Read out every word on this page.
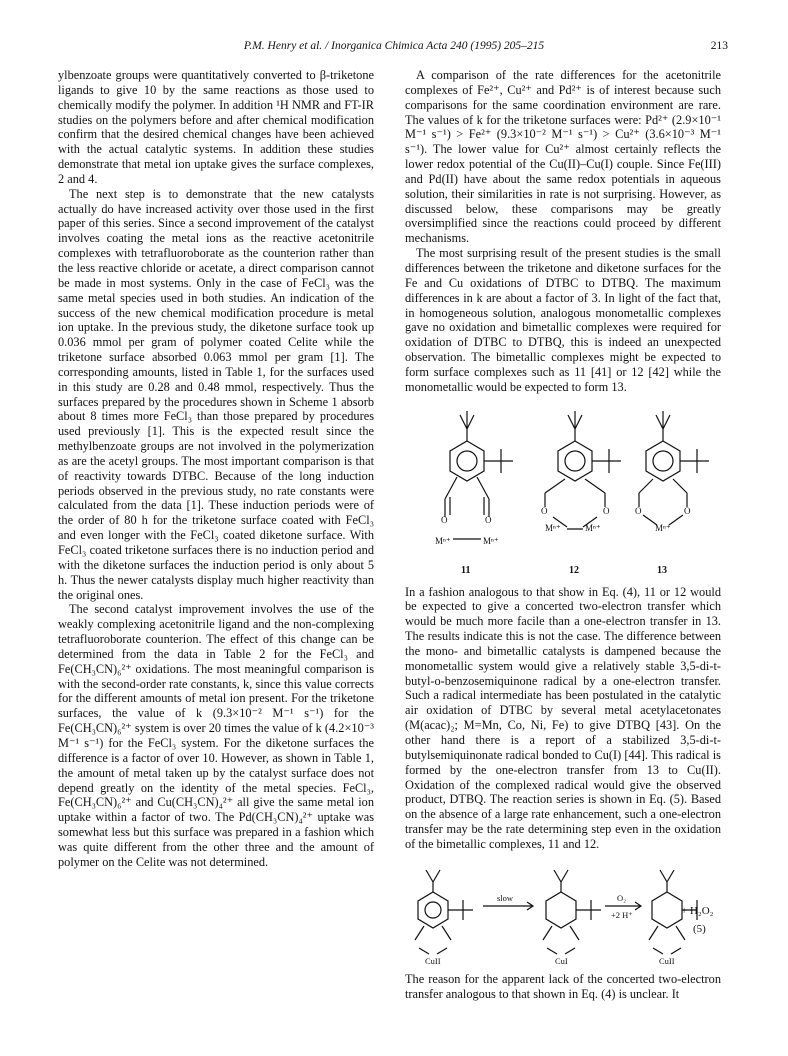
P.M. Henry et al. / Inorganica Chimica Acta 240 (1995) 205–215	213

ylbenzoate groups were quantitatively converted to β-triketone ligands to give 10 by the same reactions as those used to chemically modify the polymer. In addition ¹H NMR and FT-IR studies on the polymers before and after chemical modification confirm that the desired chemical changes have been achieved with the actual catalytic systems. In addition these studies demonstrate that metal ion uptake gives the surface complexes, 2 and 4.

The next step is to demonstrate that the new catalysts actually do have increased activity over those used in the first paper of this series. Since a second improvement of the catalyst involves coating the metal ions as the reactive acetonitrile complexes with tetrafluoroborate as the counterion rather than the less reactive chloride or acetate, a direct comparison cannot be made in most systems. Only in the case of FeCl₃ was the same metal species used in both studies. An indication of the success of the new chemical modification procedure is metal ion uptake. In the previous study, the diketone surface took up 0.036 mmol per gram of polymer coated Celite while the triketone surface absorbed 0.063 mmol per gram [1]. The corresponding amounts, listed in Table 1, for the surfaces used in this study are 0.28 and 0.48 mmol, respectively. Thus the surfaces prepared by the procedures shown in Scheme 1 absorb about 8 times more FeCl₃ than those prepared by procedures used previously [1]. This is the expected result since the methylbenzoate groups are not involved in the polymerization as are the acetyl groups. The most important comparison is that of reactivity towards DTBC. Because of the long induction periods observed in the previous study, no rate constants were calculated from the data [1]. These induction periods were of the order of 80 h for the triketone surface coated with FeCl₃ and even longer with the FeCl₃ coated diketone surface. With FeCl₃ coated triketone surfaces there is no induction period and with the diketone surfaces the induction period is only about 5 h. Thus the newer catalysts display much higher reactivity than the original ones.

The second catalyst improvement involves the use of the weakly complexing acetonitrile ligand and the non-complexing tetrafluoroborate counterion. The effect of this change can be determined from the data in Table 2 for the FeCl₃ and Fe(CH₃CN)₆²⁺ oxidations. The most meaningful comparison is with the second-order rate constants, k, since this value corrects for the different amounts of metal ion present. For the triketone surfaces, the value of k (9.3×10⁻² M⁻¹ s⁻¹) for the Fe(CH₃CN)₆²⁺ system is over 20 times the value of k (4.2×10⁻³ M⁻¹ s⁻¹) for the FeCl₃ system. For the diketone surfaces the difference is a factor of over 10. However, as shown in Table 1, the amount of metal taken up by the catalyst surface does not depend greatly on the identity of the metal species. FeCl₃, Fe(CH₃CN)₆²⁺ and Cu(CH₃CN)₄²⁺ all give the same metal ion uptake within a factor of two. The Pd(CH₃CN)₄²⁺ uptake was somewhat less but this surface was prepared in a fashion which was quite different from the other three and the amount of polymer on the Celite was not determined.

A comparison of the rate differences for the acetonitrile complexes of Fe²⁺, Cu²⁺ and Pd²⁺ is of interest because such comparisons for the same coordination environment are rare. The values of k for the triketone surfaces were: Pd²⁺ (2.9×10⁻¹ M⁻¹ s⁻¹) > Fe²⁺ (9.3×10⁻² M⁻¹ s⁻¹) > Cu²⁺ (3.6×10⁻³ M⁻¹ s⁻¹). The lower value for Cu²⁺ almost certainly reflects the lower redox potential of the Cu(II)–Cu(I) couple. Since Fe(III) and Pd(II) have about the same redox potentials in aqueous solution, their similarities in rate is not surprising. However, as discussed below, these comparisons may be greatly oversimplified since the reactions could proceed by different mechanisms.

The most surprising result of the present studies is the small differences between the triketone and diketone surfaces for the Fe and Cu oxidations of DTBC to DTBQ. The maximum differences in k are about a factor of 3. In light of the fact that, in homogeneous solution, analogous monometallic complexes gave no oxidation and bimetallic complexes were required for oxidation of DTBC to DTBQ, this is indeed an unexpected observation. The bimetallic complexes might be expected to form surface complexes such as 11 [41] or 12 [42] while the monometallic would be expected to form 13.

O	O
Mⁿ⁺	Mⁿ⁺
O	O
Mⁿ⁺	Mⁿ⁺
O	O
Mⁿ⁺
11	12	13

In a fashion analogous to that show in Eq. (4), 11 or 12 would be expected to give a concerted two-electron transfer which would be much more facile than a one-electron transfer in 13. The results indicate this is not the case. The difference between the mono- and bimetallic catalysts is dampened because the monometallic system would give a relatively stable 3,5-di-t-butyl-o-benzosemiquinone radical by a one-electron transfer. Such a radical intermediate has been postulated in the catalytic air oxidation of DTBC by several metal acetylacetonates (M(acac)₂; M=Mn, Co, Ni, Fe) to give DTBQ [43]. On the other hand there is a report of a stabilized 3,5-di-t-butylsemiquinonate radical bonded to Cu(I) [44]. This radical is formed by the one-electron transfer from 13 to Cu(II). Oxidation of the complexed radical would give the observed product, DTBQ. The reaction series is shown in Eq. (5). Based on the absence of a large rate enhancement, such a one-electron transfer may be the rate determining step even in the oxidation of the bimetallic complexes, 11 and 12.

slow	O₂
+2 H⁺
CuII	CuI	CuII
+ H₂O₂
(5)

The reason for the apparent lack of the concerted two-electron transfer analogous to that shown in Eq. (4) is unclear. It
